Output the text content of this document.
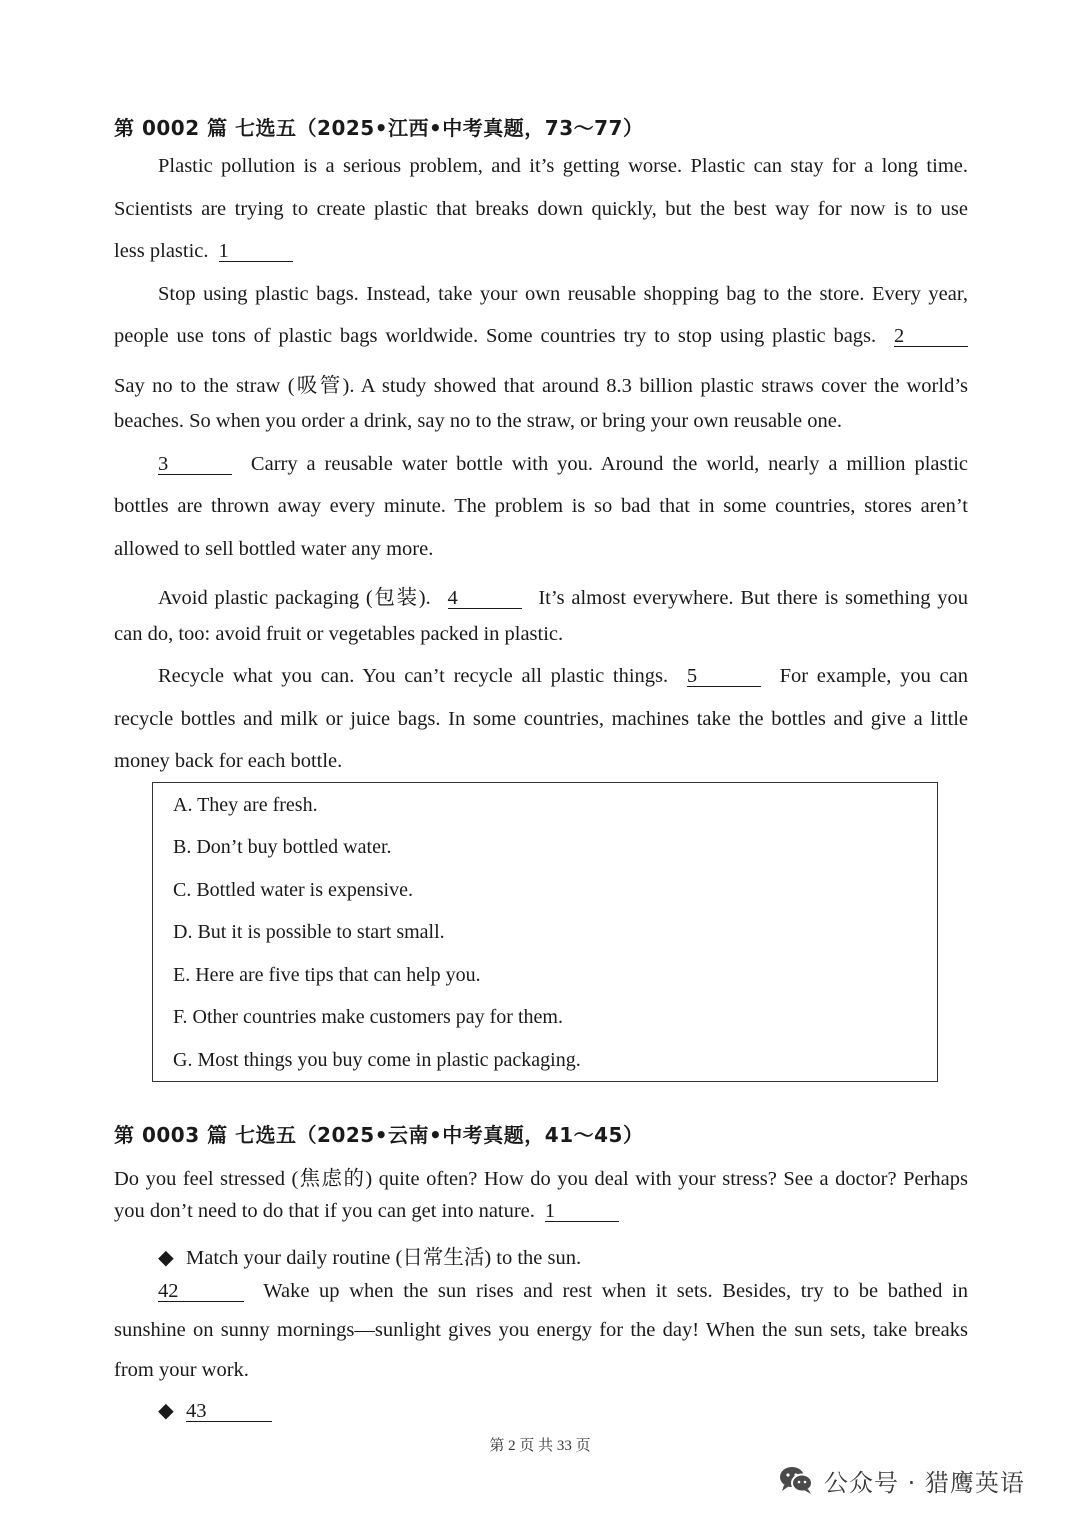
第 0002 篇 七选五（2025•江西•中考真题，73～77）
Plastic pollution is a serious problem, and it’s getting worse. Plastic can stay for a long time.
Scientists are trying to create plastic that breaks down quickly, but the best way for now is to use
less plastic. 1
Stop using plastic bags. Instead, take your own reusable shopping bag to the store. Every year,
people use tons of plastic bags worldwide. Some countries try to stop using plastic bags. 2
Say no to the straw (吸管). A study showed that around 8.3 billion plastic straws cover the world’s
beaches. So when you order a drink, say no to the straw, or bring your own reusable one.
3	Carry a reusable water bottle with you. Around the world, nearly a million plastic
bottles are thrown away every minute. The problem is so bad that in some countries, stores aren’t
allowed to sell bottled water any more.
Avoid plastic packaging (包装). 4	It’s almost everywhere. But there is something you
can do, too: avoid fruit or vegetables packed in plastic.
Recycle what you can. You can’t recycle all plastic things. 5	For example, you can
recycle bottles and milk or juice bags. In some countries, machines take the bottles and give a little
money back for each bottle.
A. They are fresh.
B. Don’t buy bottled water.
C. Bottled water is expensive.
D. But it is possible to start small.
E. Here are five tips that can help you.
F. Other countries make customers pay for them.
G. Most things you buy come in plastic packaging.
第 0003 篇 七选五（2025•云南•中考真题，41～45）
Do you feel stressed (焦虑的) quite often? How do you deal with your stress? See a doctor? Perhaps
you don’t need to do that if you can get into nature. 1
◆ Match your daily routine (日常生活) to the sun.
42	Wake up when the sun rises and rest when it sets. Besides, try to be bathed in
sunshine on sunny mornings—sunlight gives you energy for the day! When the sun sets, take breaks
from your work.
◆ 43
第 2 页 共 33 页
公众号 · 猎鹰英语
